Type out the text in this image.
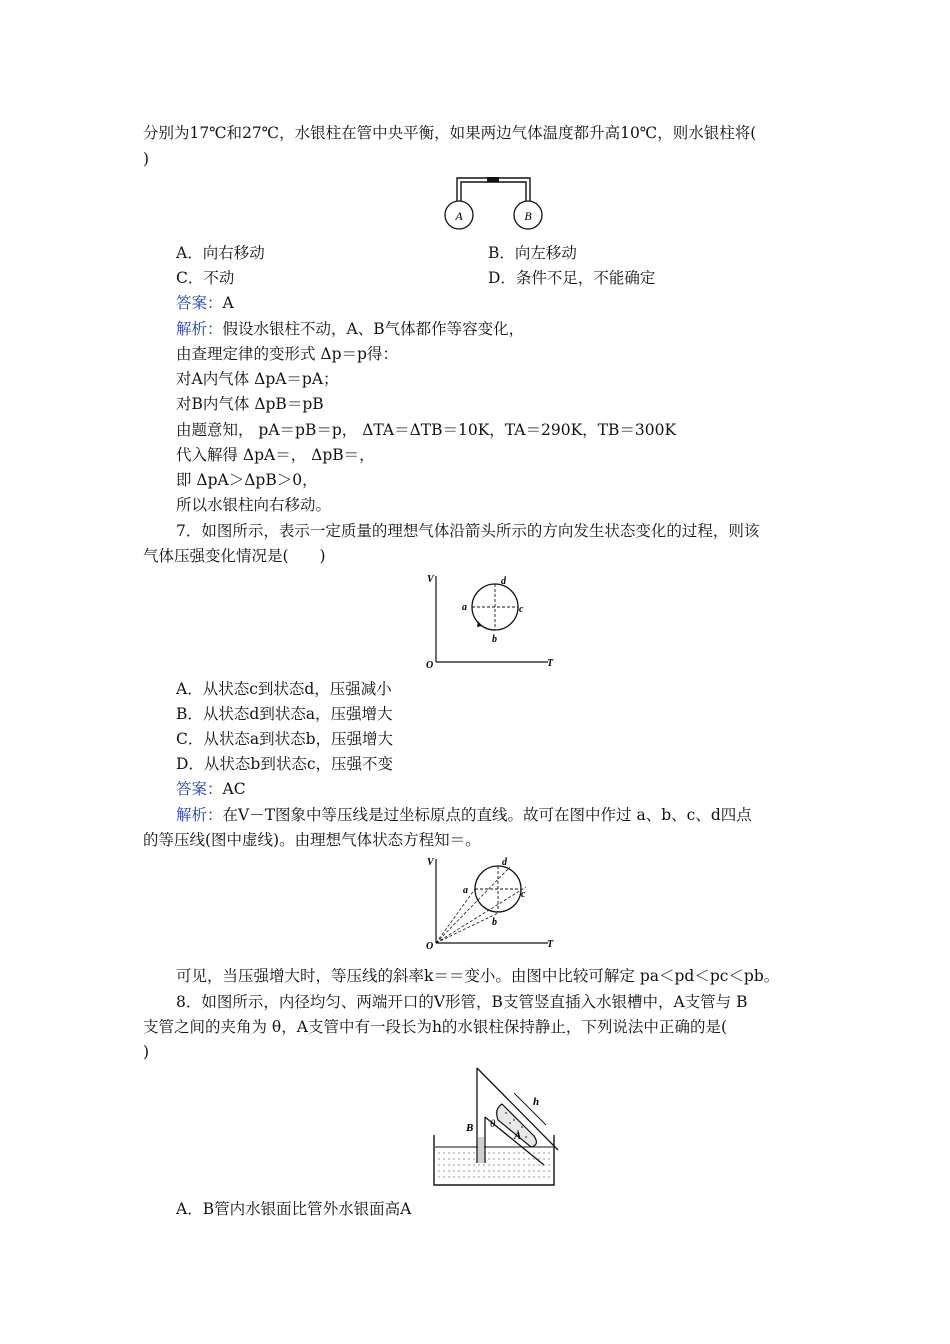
分别为17℃和27℃，水银柱在管中央平衡，如果两边气体温度都升高10℃，则水银柱将(
)
A	B
A．向右移动	B．向左移动
C．不动	D．条件不足，不能确定
答案：A
解析：假设水银柱不动，A、B气体都作等容变化，
由查理定律的变形式 Δp＝p得：
对A内气体 ΔpA＝pA；
对B内气体 ΔpB＝pB
由题意知， pA＝pB＝p， ΔTA＝ΔTB＝10K，TA＝290K，TB＝300K
代入解得 ΔpA＝， ΔpB＝，
即 ΔpA＞ΔpB＞0，
所以水银柱向右移动。
7．如图所示，表示一定质量的理想气体沿箭头所示的方向发生状态变化的过程，则该
气体压强变化情况是(　　)
O
V
T
a
b
c
d
A．从状态c到状态d，压强减小
B．从状态d到状态a，压强增大
C．从状态a到状态b，压强增大
D．从状态b到状态c，压强不变
答案：AC
解析：在V－T图象中等压线是过坐标原点的直线。故可在图中作过 a、b、c、d四点
的等压线(图中虚线)。由理想气体状态方程知＝。
O
V
T
a
b
c
d
可见，当压强增大时，等压线的斜率k＝＝变小。由图中比较可解定 pa＜pd＜pc＜pb。
8．如图所示，内径均匀、两端开口的V形管，B支管竖直插入水银槽中，A支管与 B
支管之间的夹角为 θ，A支管中有一段长为h的水银柱保持静止，下列说法中正确的是(
)
h
B
A
θ
A．B管内水银面比管外水银面高A
